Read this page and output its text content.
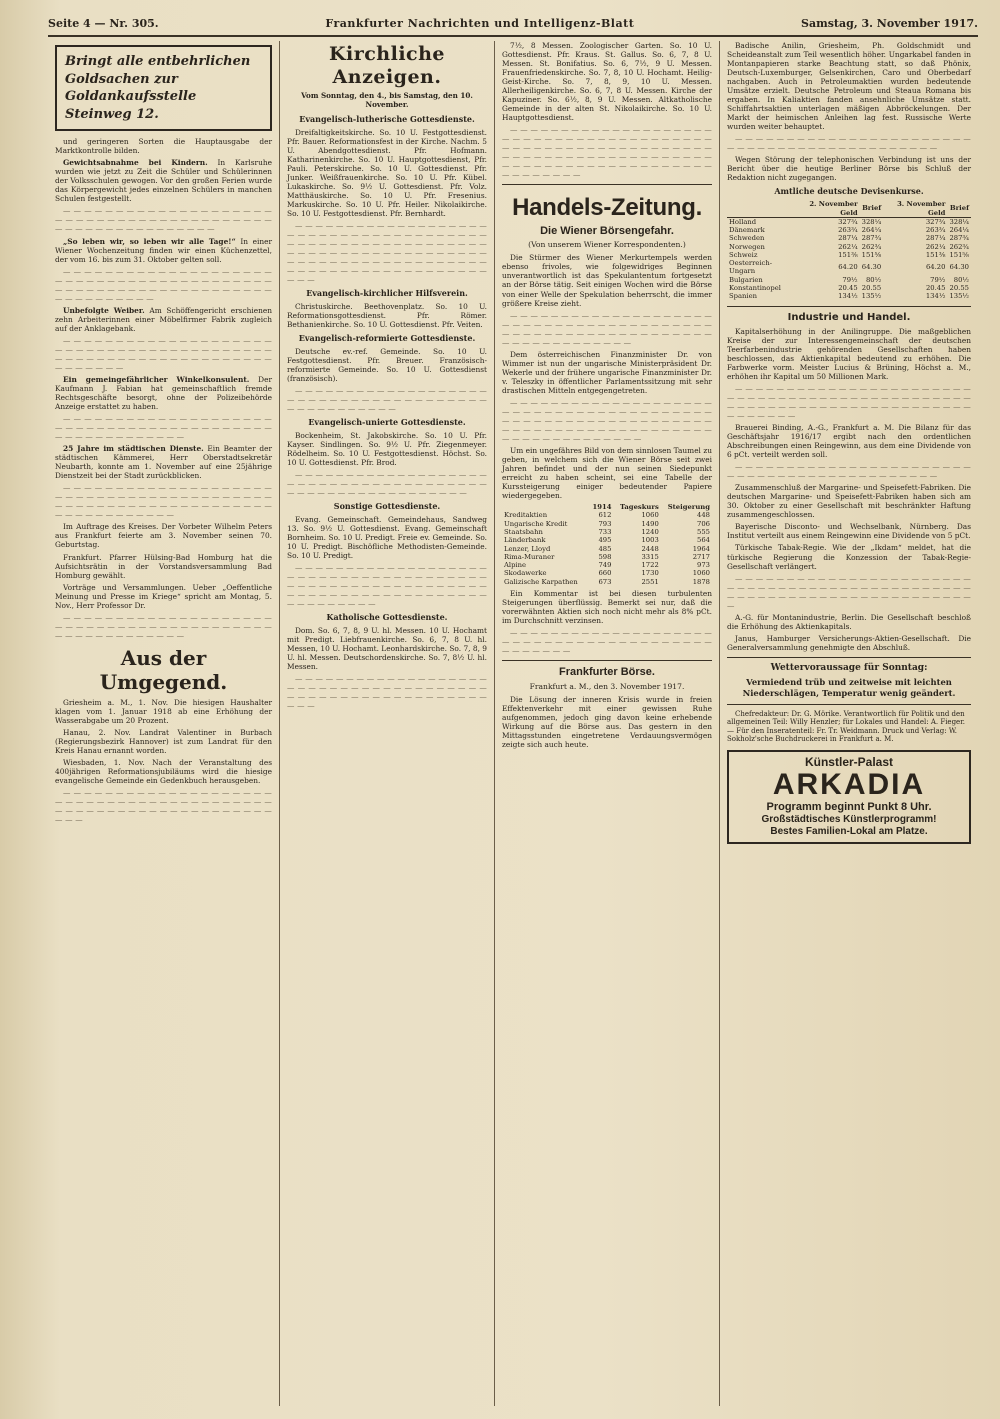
Seite 4 — Nr. 305.	Frankfurter Nachrichten und Intelligenz-Blatt	Samstag, 3. November 1917.
Bringt alle entbehrlichen Goldsachen zur Goldankaufsstelle Steinweg 12.

und geringeren Sorten die Hauptausgabe der Marktkontrolle bilden.

Gewichtsabnahme bei Kindern. In Karlsruhe wurden wie jetzt zu Zeit die Schüler und Schülerinnen der Volksschulen gewogen. Vor den großen Ferien wurde das Körpergewicht jedes einzelnen Schülers in manchen Schulen festgestellt.

— — — — — — — — — — — — — — — — — — — — — — — — — — — — — — — — — — — — — — — — — — — — — — — — — — — — — — — — —

„So leben wir, so leben wir alle Tage!“ In einer Wiener Wochenzeitung finden wir einen Küchenzettel, der vom 16. bis zum 31. Oktober gelten soll.

— — — — — — — — — — — — — — — — — — — — — — — — — — — — — — — — — — — — — — — — — — — — — — — — — — — — — — — — — — — — — — — — — — — — — — — —

Unbefolgte Weiber. Am Schöffengericht erschienen zehn Arbeiterinnen einer Möbelfirmer Fabrik zugleich auf der Anklagebank.

— — — — — — — — — — — — — — — — — — — — — — — — — — — — — — — — — — — — — — — — — — — — — — — — — — — — — — — — — — — — — — — — — — — — —

Ein gemeingefährlicher Winkelkonsulent. Der Kaufmann J. Fabian hat gemeinschaftlich fremde Rechtsgeschäfte besorgt, ohne der Polizeibehörde Anzeige erstattet zu haben.

— — — — — — — — — — — — — — — — — — — — — — — — — — — — — — — — — — — — — — — — — — — — — — — — — — — — — —

25 Jahre im städtischen Dienste. Ein Beamter der städtischen Kämmerei, Herr Oberstadtsekretär Neubarth, konnte am 1. November auf eine 25jährige Dienstzeit bei der Stadt zurückblicken.

— — — — — — — — — — — — — — — — — — — — — — — — — — — — — — — — — — — — — — — — — — — — — — — — — — — — — — — — — — — — — — — — — — — — — — — — — —

Im Auftrage des Kreises. Der Vorbeter Wilhelm Peters aus Frankfurt feierte am 3. November seinen 70. Geburtstag.

Frankfurt. Pfarrer Hülsing-Bad Homburg hat die Aufsichtsrätin in der Vorstandsversammlung Bad Homburg gewählt.

Vorträge und Versammlungen. Ueber „Oeffentliche Meinung und Presse im Kriege“ spricht am Montag, 5. Nov., Herr Professor Dr.

— — — — — — — — — — — — — — — — — — — — — — — — — — — — — — — — — — — — — — — — — — — — — — — — — — — — — —

Aus der Umgegend.

Griesheim a. M., 1. Nov. Die hiesigen Haushalter klagen vom 1. Januar 1918 ab eine Erhöhung der Wasserabgabe um 20 Prozent.

Hanau, 2. Nov. Landrat Valentiner in Burbach (Regierungsbezirk Hannover) ist zum Landrat für den Kreis Hanau ernannt worden.

Wiesbaden, 1. Nov. Nach der Veranstaltung des 400jährigen Reformationsjubiläums wird die hiesige evangelische Gemeinde ein Gedenkbuch herausgeben.

— — — — — — — — — — — — — — — — — — — — — — — — — — — — — — — — — — — — — — — — — — — — — — — — — — — — — — — — — — — — — — — — —

Kirchliche Anzeigen.
Vom Sonntag, den 4., bis Samstag, den 10. November.
Evangelisch-lutherische Gottesdienste.

Dreifaltigkeitskirche. So. 10 U. Festgottesdienst. Pfr. Bauer. Reformationsfest in der Kirche. Nachm. 5 U. Abendgottesdienst. Pfr. Hofmann. Katharinenkirche. So. 10 U. Hauptgottesdienst, Pfr. Pauli. Peterskirche. So. 10 U. Gottesdienst. Pfr. Junker. Weißfrauenkirche. So. 10 U. Pfr. Kübel. Lukaskirche. So. 9½ U. Gottesdienst. Pfr. Volz. Matthäuskirche. So. 10 U. Pfr. Fresenius. Markuskirche. So. 10 U. Pfr. Heiler. Nikolaikirche. So. 10 U. Festgottesdienst. Pfr. Bernhardt.

— — — — — — — — — — — — — — — — — — — — — — — — — — — — — — — — — — — — — — — — — — — — — — — — — — — — — — — — — — — — — — — — — — — — — — — — — — — — — — — — — — — — — — — — — — — — — — — — — — — — — — — — — — — — — — — — — — — — —

Evangelisch-kirchlicher Hilfsverein.

Christuskirche. Beethovenplatz. So. 10 U. Reformationsgottesdienst. Pfr. Römer. Bethanienkirche. So. 10 U. Gottesdienst. Pfr. Veiten.

Evangelisch-reformierte Gottesdienste.

Deutsche ev.-ref. Gemeinde. So. 10 U. Festgottesdienst. Pfr. Breuer. Französisch-reformierte Gemeinde. So. 10 U. Gottesdienst (französisch).

— — — — — — — — — — — — — — — — — — — — — — — — — — — — — — — — — — — — — — — — — — — — — — — — —

Evangelisch-unierte Gottesdienste.

Bockenheim, St. Jakobskirche. So. 10 U. Pfr. Kayser. Sindlingen. So. 9½ U. Pfr. Ziegenmeyer. Rödelheim. So. 10 U. Festgottesdienst. Höchst. So. 10 U. Gottesdienst. Pfr. Brod.

— — — — — — — — — — — — — — — — — — — — — — — — — — — — — — — — — — — — — — — — — — — — — — — — — — — — — — — —

Sonstige Gottesdienste.

Evang. Gemeinschaft. Gemeindehaus, Sandweg 13. So. 9½ U. Gottesdienst. Evang. Gemeinschaft Bornheim. So. 10 U. Predigt. Freie ev. Gemeinde. So. 10 U. Predigt. Bischöfliche Methodisten-Gemeinde. So. 10 U. Predigt.

— — — — — — — — — — — — — — — — — — — — — — — — — — — — — — — — — — — — — — — — — — — — — — — — — — — — — — — — — — — — — — — — — — — — — — — — — — — — — — — — — — — — —

Katholische Gottesdienste.

Dom. So. 6, 7, 8, 9 U. hl. Messen. 10 U. Hochamt mit Predigt. Liebfrauenkirche. So. 6, 7, 8 U. hl. Messen, 10 U. Hochamt. Leonhardskirche. So. 7, 8, 9 U. hl. Messen. Deutschordenskirche. So. 7, 8½ U. hl. Messen.

— — — — — — — — — — — — — — — — — — — — — — — — — — — — — — — — — — — — — — — — — — — — — — — — — — — — — — — — — — — —

7½, 8 Messen. Zoologischer Garten. So. 10 U. Gottesdienst. Pfr. Kraus. St. Gallus. So. 6, 7, 8 U. Messen. St. Bonifatius. So. 6, 7½, 9 U. Messen. Frauenfriedenskirche. So. 7, 8, 10 U. Hochamt. Heilig-Geist-Kirche. So. 7, 8, 9, 10 U. Messen. Allerheiligenkirche. So. 6, 7, 8 U. Messen. Kirche der Kapuziner. So. 6½, 8, 9 U. Messen. Altkatholische Gemeinde in der alten St. Nikolaikirche. So. 10 U. Hauptgottesdienst.

— — — — — — — — — — — — — — — — — — — — — — — — — — — — — — — — — — — — — — — — — — — — — — — — — — — — — — — — — — — — — — — — — — — — — — — — — — — — — — — — — — — — — — — — — — — — — — — — — — — — — — — — — — — —

Handels-Zeitung.
Die Wiener Börsengefahr.
(Von unserem Wiener Korrespondenten.)

Die Stürmer des Wiener Merkurtempels werden ebenso frivoles, wie folgewidriges Beginnen unverantwortlich ist das Spekulantentum fortgesetzt an der Börse tätig. Seit einigen Wochen wird die Börse von einer Welle der Spekulation beherrscht, die immer größere Kreise zieht.

— — — — — — — — — — — — — — — — — — — — — — — — — — — — — — — — — — — — — — — — — — — — — — — — — — — — — — — — — — — — — — — — — — — — — — — — —

Dem österreichischen Finanzminister Dr. von Wimmer ist nun der ungarische Ministerpräsident Dr. Wekerle und der frühere ungarische Finanzminister Dr. v. Teleszky in öffentlicher Parlamentssitzung mit sehr drastischen Mitteln entgegengetreten.

— — — — — — — — — — — — — — — — — — — — — — — — — — — — — — — — — — — — — — — — — — — — — — — — — — — — — — — — — — — — — — — — — — — — — — — — — — — — — — — — — — — — — — — — — — — — — —

Um ein ungefähres Bild von dem sinnlosen Taumel zu geben, in welchem sich die Wiener Börse seit zwei Jahren befindet und der nun seinen Siedepunkt erreicht zu haben scheint, sei eine Tabelle der Kurssteigerung einiger bedeutender Papiere wiedergegeben.

	1914	Tageskurs	Steigerung
Kreditaktien	612	1060	448
Ungarische Kredit	793	1490	706
Staatsbahn	733	1240	555
Länderbank	495	1003	564
Lenzer, Lloyd	485	2448	1964
Rima-Muraner	598	3315	2717
Alpine	749	1722	973
Skodawerke	660	1730	1060
Galizische Karpathen	673	2551	1878

Ein Kommentar ist bei diesen turbulenten Steigerungen überflüssig. Bemerkt sei nur, daß die vorerwähnten Aktien sich noch nicht mehr als 8% pCt. im Durchschnitt verzinsen.

— — — — — — — — — — — — — — — — — — — — — — — — — — — — — — — — — — — — — — — — — — — — — — —

Frankfurter Börse.
Frankfurt a. M., den 3. November 1917.

Die Lösung der inneren Krisis wurde in freien Effektenverkehr mit einer gewissen Ruhe aufgenommen, jedoch ging davon keine erhebende Wirkung auf die Börse aus. Das gestern in den Mittagsstunden eingetretene Verdauungsvermögen zeigte sich auch heute.

Badische Anilin, Griesheim, Ph. Goldschmidt und Scheideanstalt zum Teil wesentlich höher. Ungarkabel fanden in Montanpapieren starke Beachtung statt, so daß Phönix, Deutsch-Luxemburger, Gelsenkirchen, Caro und Oberbedarf nachgaben. Auch in Petroleumaktien wurden bedeutende Umsätze erzielt. Deutsche Petroleum und Steaua Romana bis ergaben. In Kaliaktien fanden ansehnliche Umsätze statt. Schiffahrtsaktien unterlagen mäßigen Abbröckelungen. Der Markt der heimischen Anleihen lag fest. Russische Werte wurden weiter behauptet.

— — — — — — — — — — — — — — — — — — — — — — — — — — — — — — — — — — — — — — — — — — — —

Wegen Störung der telephonischen Verbindung ist uns der Bericht über die heutige Berliner Börse bis Schluß der Redaktion nicht zugegangen.

Amtliche deutsche Devisenkurse.
	2. November Geld	Brief	3. November Geld	Brief
Holland	327¾	328¼	327¾	328¼
Dänemark	263¾	264¼	263¾	264¼
Schweden	287¼	287¾	287¼	287¾
Norwegen	262¼	262¾	262¼	262¾
Schweiz	151⅜	151⅝	151⅜	151⅝
Oesterreich-Ungarn	64.20	64.30	64.20	64.30
Bulgarien	79½	80½	79½	80½
Konstantinopel	20.45	20.55	20.45	20.55
Spanien	134½	135½	134½	135½
Industrie und Handel.

Kapitalserhöhung in der Anilingruppe. Die maßgeblichen Kreise der zur Interessengemeinschaft der deutschen Teerfarbenindustrie gehörenden Gesellschaften haben beschlossen, das Aktienkapital bedeutend zu erhöhen. Die Farbwerke vorm. Meister Lucius & Brüning, Höchst a. M., erhöhen ihr Kapital um 50 Millionen Mark.

— — — — — — — — — — — — — — — — — — — — — — — — — — — — — — — — — — — — — — — — — — — — — — — — — — — — — — — — — — — — — — — — — — — — — — — — — — — — — —

Brauerei Binding, A.-G., Frankfurt a. M. Die Bilanz für das Geschäftsjahr 1916/17 ergibt nach den ordentlichen Abschreibungen einen Reingewinn, aus dem eine Dividende von 6 pCt. verteilt werden soll.

— — — — — — — — — — — — — — — — — — — — — — — — — — — — — — — — — — — — — — — — — — — —

Zusammenschluß der Margarine- und Speisefett-Fabriken. Die deutschen Margarine- und Speisefett-Fabriken haben sich am 30. Oktober zu einer Gesellschaft mit beschränkter Haftung zusammengeschlossen.

Bayerische Disconto- und Wechselbank, Nürnberg. Das Institut verteilt aus einem Reingewinn eine Dividende von 5 pCt.

Türkische Tabak-Regie. Wie der „Ikdam“ meldet, hat die türkische Regierung die Konzession der Tabak-Regie-Gesellschaft verlängert.

— — — — — — — — — — — — — — — — — — — — — — — — — — — — — — — — — — — — — — — — — — — — — — — — — — — — — — — — — — — — — — — — — — — — — — — —

A.-G. für Montanindustrie, Berlin. Die Gesellschaft beschloß die Erhöhung des Aktienkapitals.

Janus, Hamburger Versicherungs-Aktien-Gesellschaft. Die Generalversammlung genehmigte den Abschluß.

Wettervoraussage für Sonntag:
Vermiedend trüb und zeitweise mit leichten Niederschlägen, Temperatur wenig geändert.

Chefredakteur: Dr. G. Mörike. Verantwortlich für Politik und den allgemeinen Teil: Willy Henzler; für Lokales und Handel: A. Fieger. — Für den Inseratenteil: Fr. Tr. Weidmann. Druck und Verlag: W. Sokholz'sche Buchdruckerei in Frankfurt a. M.

Künstler-Palast
ARKADIA
Programm beginnt Punkt 8 Uhr.
Großstädtisches Künstlerprogramm!
Bestes Familien-Lokal am Platze.
